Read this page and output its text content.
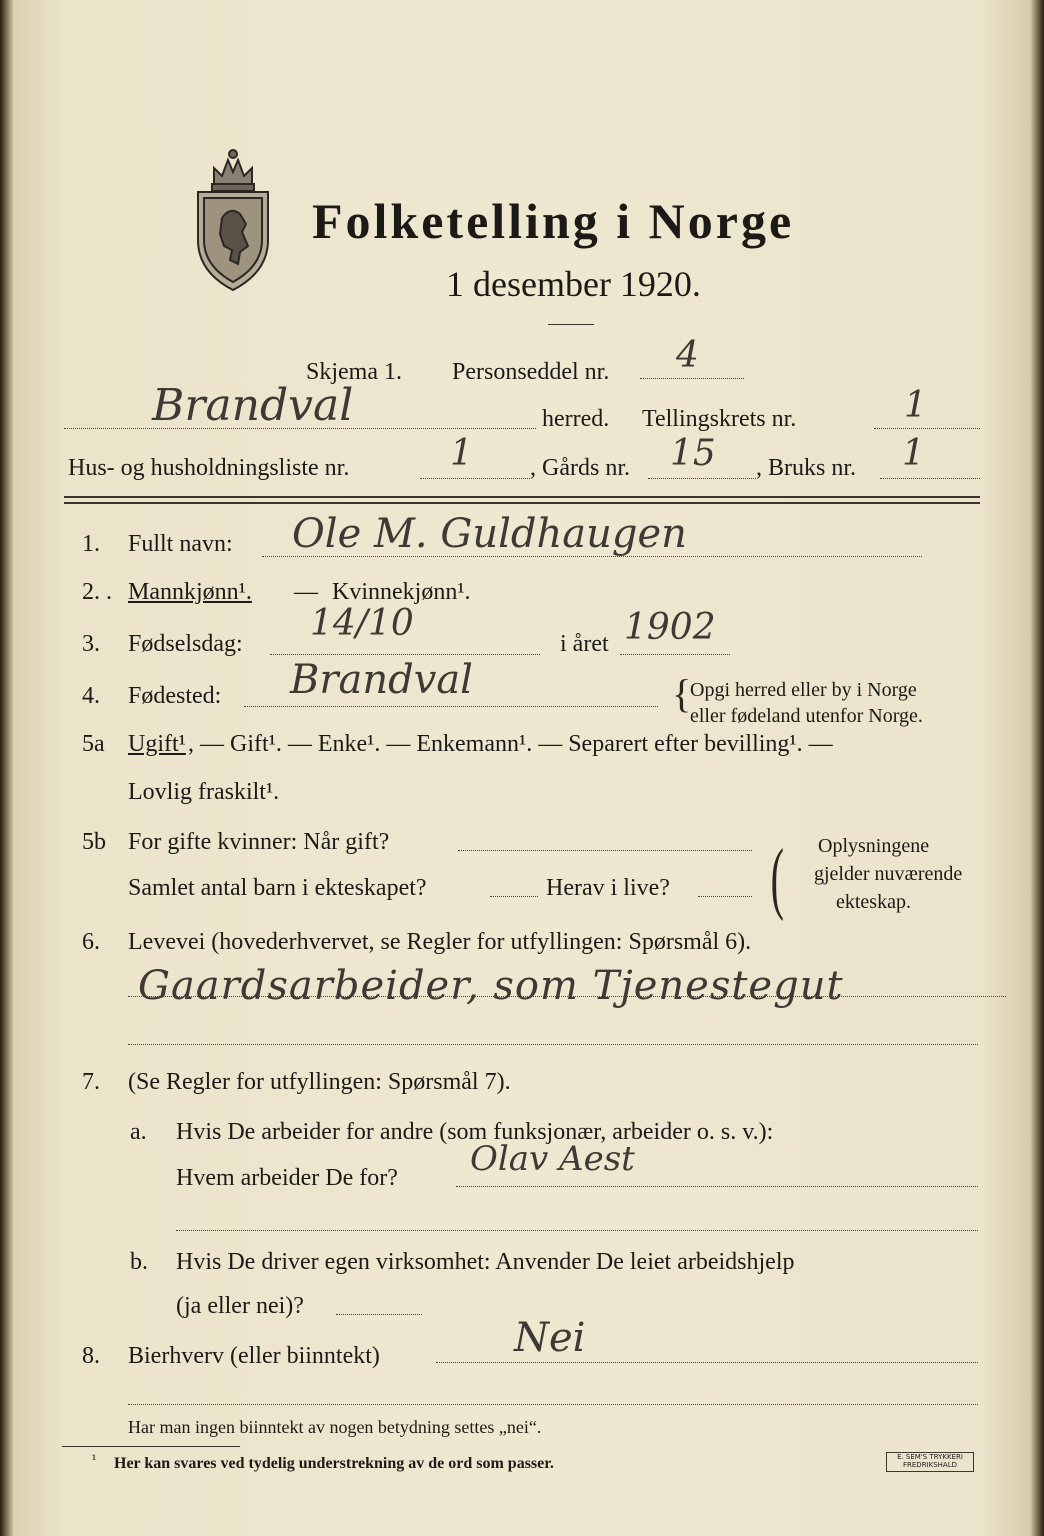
Folketelling i Norge
1 desember 1920.
Skjema 1. Personseddel nr. 4
Brandval	herred. Tellingskrets nr.	1
Hus- og husholdningsliste nr.	1 , Gårds nr. 15 , Bruks nr. 1
1. Fullt navn: Ole M. Guldhaugen
2. . Mannkjønn¹. — Kvinnekjønn¹.
3. Fødselsdag: 14/10	i året 1902
4. Fødested: Brandval	{
Opgi herred eller by i Norge
eller fødeland utenfor Norge.
5a Ugift¹ , — Gift¹. — Enke¹. — Enkemann¹. — Separert efter bevilling¹. —
Lovlig fraskilt¹.
5b For gifte kvinner: Når gift?
Samlet antal barn i ekteskapet?	Herav i live? ( Oplysningene
gjelder nuværende
ekteskap.
6. Levevei (hovederhvervet, se Regler for utfyllingen: Spørsmål 6).
Gaardsarbeider, som Tjenestegut
7. (Se Regler for utfyllingen: Spørsmål 7).
a. Hvis De arbeider for andre (som funksjonær, arbeider o. s. v.):
Hvem arbeider De for? Olav Aest
b. Hvis De driver egen virksomhet: Anvender De leiet arbeidshjelp
(ja eller nei)?
8. Bierhverv (eller biinntekt)	Nei
Har man ingen biinntekt av nogen betydning settes „nei“.
¹ Her kan svares ved tydelig understrekning av de ord som passer.	E. SEM'S TRYKKERI FREDRIKSHALD
